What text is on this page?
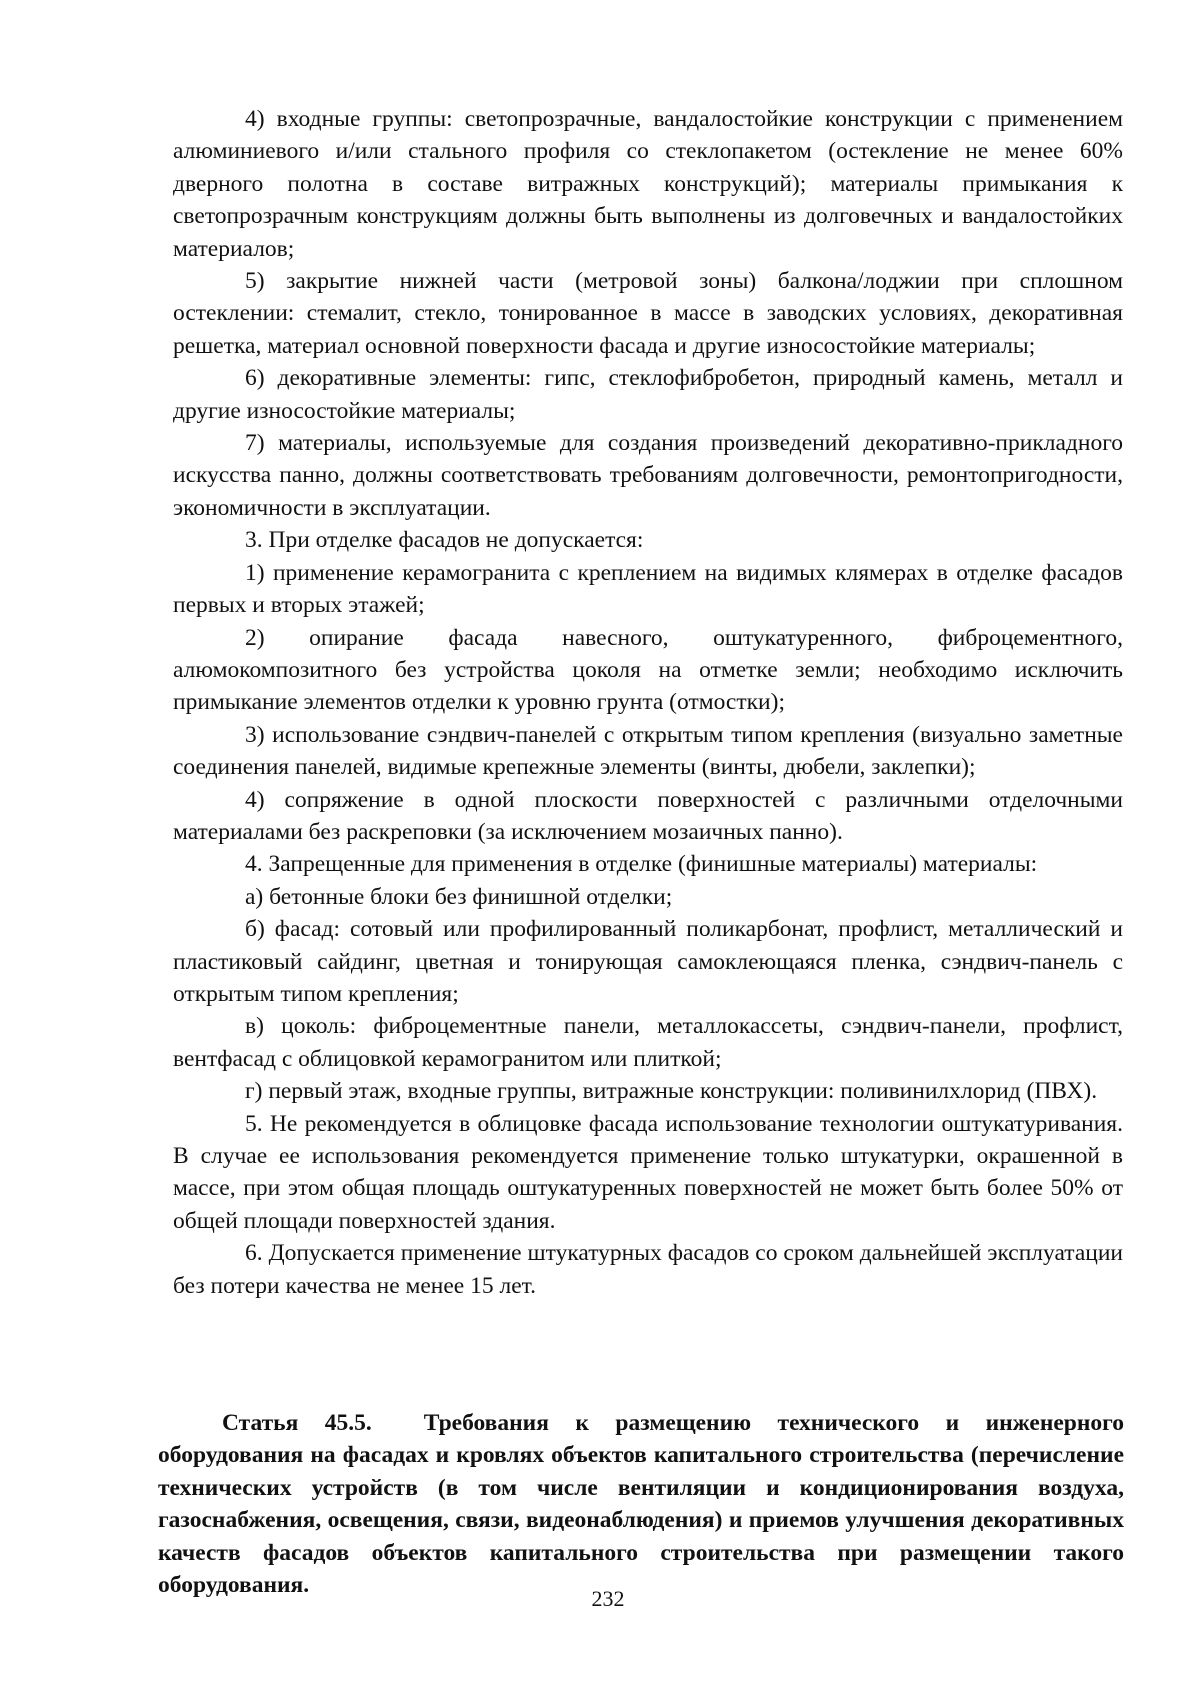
4) входные группы: светопрозрачные, вандалостойкие конструкции с применением алюминиевого и/или стального профиля со стеклопакетом (остекление не менее 60% дверного полотна в составе витражных конструкций); материалы примыкания к светопрозрачным конструкциям должны быть выполнены из долговечных и вандалостойких материалов;

5) закрытие нижней части (метровой зоны) балкона/лоджии при сплошном остеклении: стемалит, стекло, тонированное в массе в заводских условиях, декоративная решетка, материал основной поверхности фасада и другие износостойкие материалы;

6) декоративные элементы: гипс, стеклофибробетон, природный камень, металл и другие износостойкие материалы;

7) материалы, используемые для создания произведений декоративно-прикладного искусства панно, должны соответствовать требованиям долговечности, ремонтопригодности, экономичности в эксплуатации.

3. При отделке фасадов не допускается:

1) применение керамогранита с креплением на видимых клямерах в отделке фасадов первых и вторых этажей;

2) опирание фасада навесного, оштукатуренного, фиброцементного, алюмокомпозитного без устройства цоколя на отметке земли; необходимо исключить примыкание элементов отделки к уровню грунта (отмостки);

3) использование сэндвич-панелей с открытым типом крепления (визуально заметные соединения панелей, видимые крепежные элементы (винты, дюбели, заклепки);

4) сопряжение в одной плоскости поверхностей с различными отделочными материалами без раскреповки (за исключением мозаичных панно).

4. Запрещенные для применения в отделке (финишные материалы) материалы:

а) бетонные блоки без финишной отделки;

б) фасад: сотовый или профилированный поликарбонат, профлист, металлический и пластиковый сайдинг, цветная и тонирующая самоклеющаяся пленка, сэндвич-панель с открытым типом крепления;

в) цоколь: фиброцементные панели, металлокассеты, сэндвич-панели, профлист, вентфасад с облицовкой керамогранитом или плиткой;

г) первый этаж, входные группы, витражные конструкции: поливинилхлорид (ПВХ).

5. Не рекомендуется в облицовке фасада использование технологии оштукатуривания. В случае ее использования рекомендуется применение только штукатурки, окрашенной в массе, при этом общая площадь оштукатуренных поверхностей не может быть более 50% от общей площади поверхностей здания.

6. Допускается применение штукатурных фасадов со сроком дальнейшей эксплуатации без потери качества не менее 15 лет.

Статья 45.5. Требования к размещению технического и инженерного оборудования на фасадах и кровлях объектов капитального строительства (перечисление технических устройств (в том числе вентиляции и кондиционирования воздуха, газоснабжения, освещения, связи, видеонаблюдения) и приемов улучшения декоративных качеств фасадов объектов капитального строительства при размещении такого оборудования.
232
